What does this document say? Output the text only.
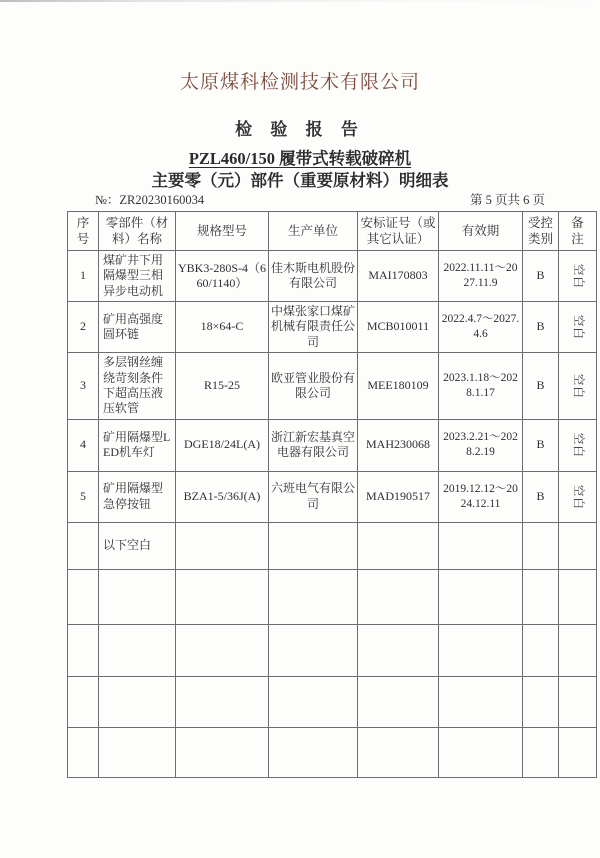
太原煤科检测技术有限公司
检 验 报 告
PZL460/150 履带式转载破碎机
主要零（元）部件（重要原材料）明细表
№：ZR20230160034	第 5 页共 6 页
序号	零部件（材料）名称	规格型号	生产单位	安标证号（或其它认证）	有效期	受控类别	备注
1	煤矿井下用隔爆型三相异步电动机	YBK3-280S-4（660/1140）	佳木斯电机股份有限公司	MAI170803	2022.11.11～2027.11.9	B	空白
2	矿用高强度圆环链	18×64-C	中煤张家口煤矿机械有限责任公司	MCB010011	2022.4.7～2027.4.6	B	空白
3	多层钢丝缠绕苛刻条件下超高压液压软管	R15-25	欧亚管业股份有限公司	MEE180109	2023.1.18～2028.1.17	B	空白
4	矿用隔爆型LED机车灯	DGE18/24L(A)	浙江新宏基真空电器有限公司	MAH230068	2023.2.21～2028.2.19	B	空白
5	矿用隔爆型急停按钮	BZA1-5/36J(A)	六班电气有限公司	MAD190517	2019.12.12～2024.12.11	B	空白
	以下空白						
